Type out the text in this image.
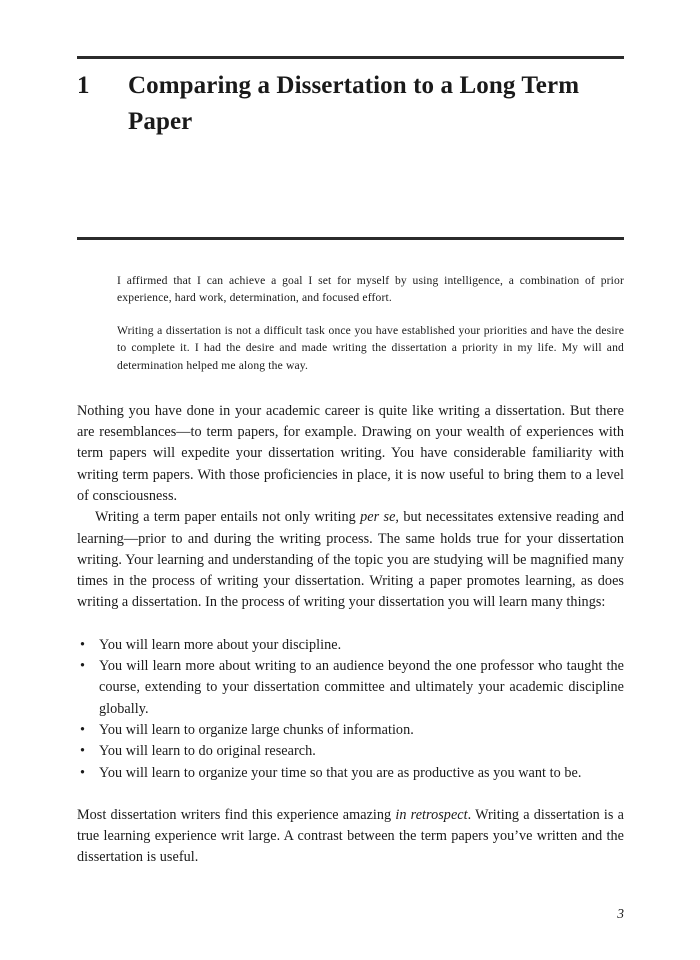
1	Comparing a Dissertation to a Long Term Paper
I affirmed that I can achieve a goal I set for myself by using intelligence, a combination of prior experience, hard work, determination, and focused effort.
Writing a dissertation is not a difficult task once you have established your priorities and have the desire to complete it. I had the desire and made writing the dissertation a priority in my life. My will and determination helped me along the way.

Nothing you have done in your academic career is quite like writing a dissertation. But there are resemblances—to term papers, for example. Drawing on your wealth of experiences with term papers will expedite your dissertation writing. You have considerable familiarity with writing term papers. With those proficiencies in place, it is now useful to bring them to a level of consciousness.

Writing a term paper entails not only writing per se, but necessitates extensive reading and learning—prior to and during the writing process. The same holds true for your dissertation writing. Your learning and understanding of the topic you are studying will be magnified many times in the process of writing your dissertation. Writing a paper promotes learning, as does writing a dissertation. In the process of writing your dissertation you will learn many things:

• You will learn more about your discipline.
• You will learn more about writing to an audience beyond the one professor who taught the course, extending to your dissertation committee and ultimately your academic discipline globally.
• You will learn to organize large chunks of information.
• You will learn to do original research.
• You will learn to organize your time so that you are as productive as you want to be.

Most dissertation writers find this experience amazing in retrospect. Writing a dissertation is a true learning experience writ large. A contrast between the term papers you’ve written and the dissertation is useful.

3
